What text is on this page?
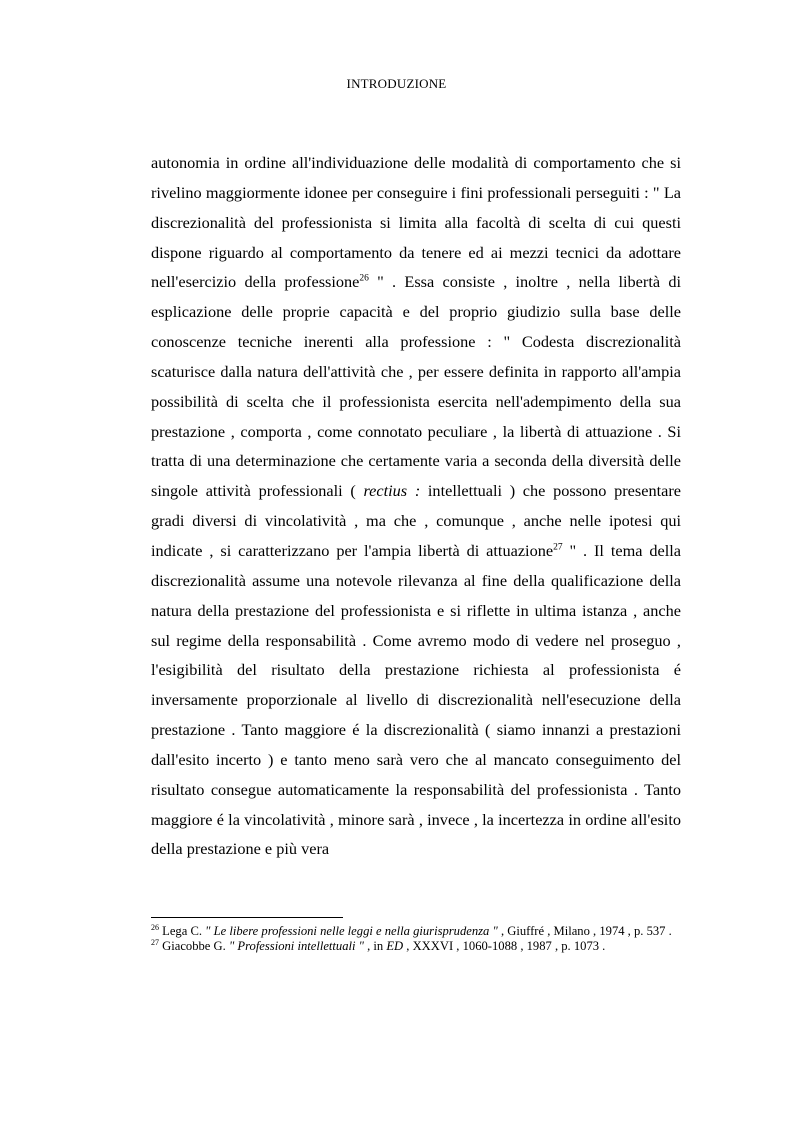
INTRODUZIONE

autonomia in ordine all'individuazione delle modalità di comportamento che si rivelino maggiormente idonee per conseguire i fini professionali perseguiti : " La discrezionalità del professionista si limita alla facoltà di scelta di cui questi dispone riguardo al comportamento da tenere ed ai mezzi tecnici da adottare nell'esercizio della professione$^{26}$ " . Essa consiste , inoltre , nella libertà di esplicazione delle proprie capacità e del proprio giudizio sulla base delle conoscenze tecniche inerenti alla professione : " Codesta discrezionalità scaturisce dalla natura dell'attività che , per essere definita in rapporto all'ampia possibilità di scelta che il professionista esercita nell'adempimento della sua prestazione , comporta , come connotato peculiare , la libertà di attuazione . Si tratta di una determinazione che certamente varia a seconda della diversità delle singole attività professionali ( rectius : intellettuali ) che possono presentare gradi diversi di vincolatività , ma che , comunque , anche nelle ipotesi qui indicate , si caratterizzano per l'ampia libertà di attuazione$^{27}$ " . Il tema della discrezionalità assume una notevole rilevanza al fine della qualificazione della natura della prestazione del professionista e si riflette in ultima istanza , anche sul regime della responsabilità . Come avremo modo di vedere nel proseguo , l'esigibilità del risultato della prestazione richiesta al professionista é inversamente proporzionale al livello di discrezionalità nell'esecuzione della prestazione . Tanto maggiore é la discrezionalità ( siamo innanzi a prestazioni dall'esito incerto ) e tanto meno sarà vero che al mancato conseguimento del risultato consegue automaticamente la responsabilità del professionista . Tanto maggiore é la vincolatività , minore sarà , invece , la incertezza in ordine all'esito della prestazione e più vera

$^{26}$ Lega C. " Le libere professioni nelle leggi e nella giurisprudenza " , Giuffré , Milano , 1974 , p. 537 .

$^{27}$ Giacobbe G. " Professioni intellettuali " , in ED , XXXVI , 1060-1088 , 1987 , p. 1073 .
